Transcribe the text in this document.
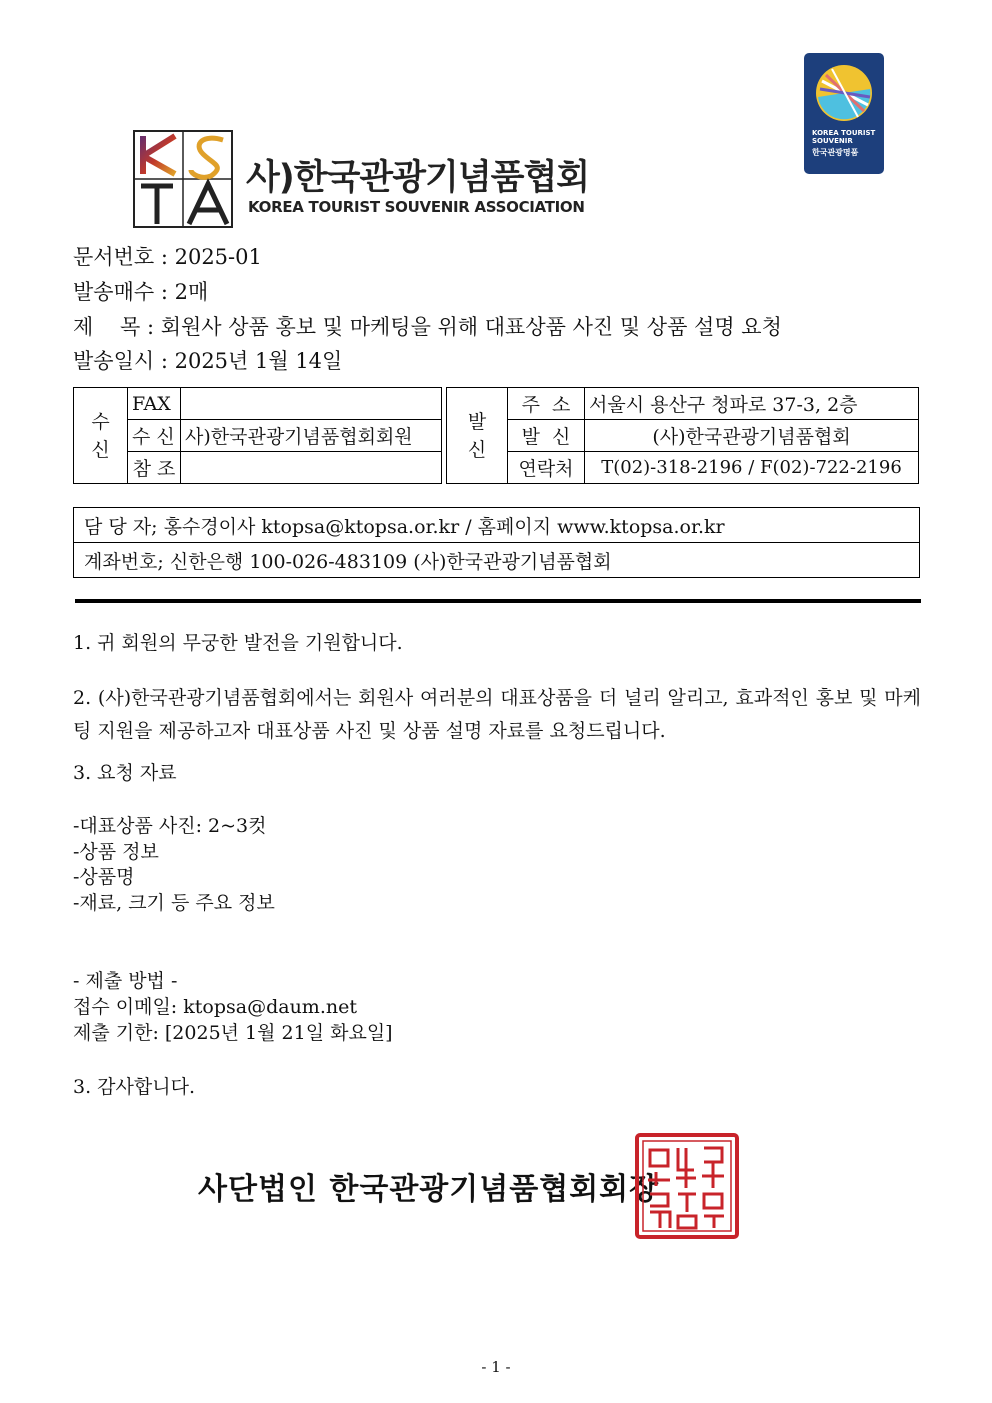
사)한국관광기념품협회
KOREA TOURIST SOUVENIR ASSOCIATION
KOREA TOURIST
SOUVENIR
한국관광명품
문서번호 : 2025-01
발송매수 : 2매
제    목 : 회원사 상품 홍보 및 마케팅을 위해 대표상품 사진 및 상품 설명 요청
발송일시 : 2025년 1월 14일
수
신	FAX	
	수 신	사)한국관광기념품협회회원
	참 조	
발
신	주  소	서울시 용산구 청파로 37-3, 2층
	발  신	(사)한국관광기념품협회
	연락처	T(02)-318-2196 / F(02)-722-2196
담 당 자; 홍수경이사 ktopsa@ktopsa.or.kr / 홈페이지 www.ktopsa.or.kr
계좌번호; 신한은행 100-026-483109 (사)한국관광기념품협회
1. 귀 회원의 무궁한 발전을 기원합니다.
2. (사)한국관광기념품협회에서는 회원사 여러분의 대표상품을 더 널리 알리고, 효과적인 홍보 및 마케팅 지원을 제공하고자 대표상품 사진 및 상품 설명 자료를 요청드립니다.
3. 요청 자료
-대표상품 사진: 2~3컷
-상품 정보
-상품명
-재료, 크기 등 주요 정보
- 제출 방법 -
접수 이메일: ktopsa@daum.net
제출 기한: [2025년 1월 21일 화요일]
3. 감사합니다.
사단법인 한국관광기념품협회회장
- 1 -
